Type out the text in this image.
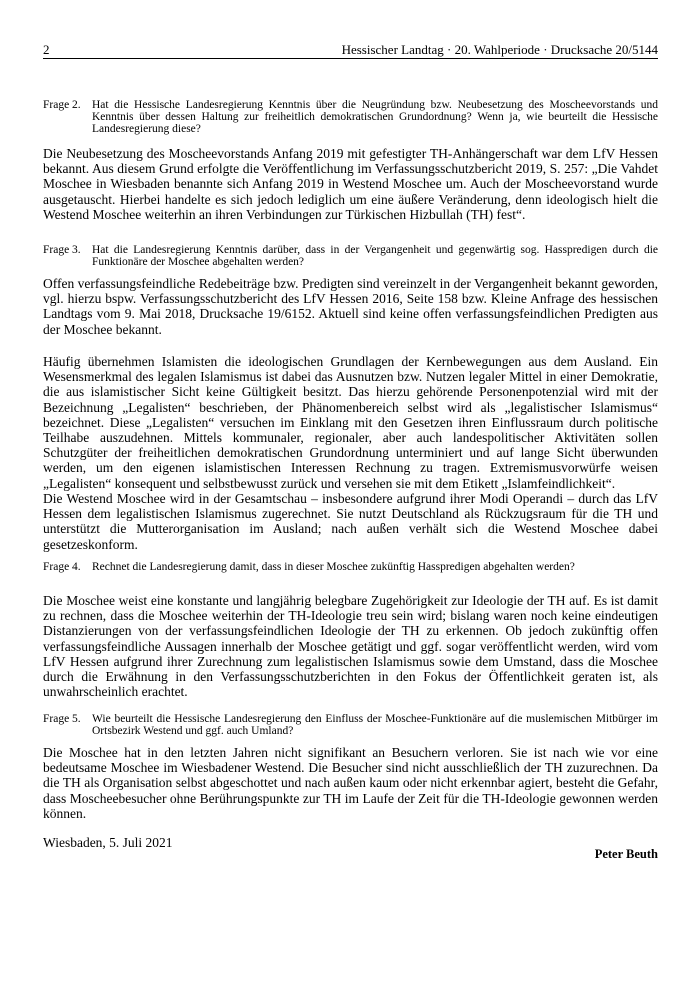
2	Hessischer Landtag · 20. Wahlperiode · Drucksache 20/5144
Frage 2. Hat die Hessische Landesregierung Kenntnis über die Neugründung bzw. Neubesetzung des Moscheevorstands und Kenntnis über dessen Haltung zur freiheitlich demokratischen Grundordnung? Wenn ja, wie beurteilt die Hessische Landesregierung diese?

Die Neubesetzung des Moscheevorstands Anfang 2019 mit gefestigter TH-Anhängerschaft war dem LfV Hessen bekannt. Aus diesem Grund erfolgte die Veröffentlichung im Verfassungsschutzbericht 2019, S. 257: „Die Vahdet Moschee in Wiesbaden benannte sich Anfang 2019 in Westend Moschee um. Auch der Moscheevorstand wurde ausgetauscht. Hierbei handelte es sich jedoch lediglich um eine äußere Veränderung, denn ideologisch hielt die Westend Moschee weiterhin an ihren Verbindungen zur Türkischen Hizbullah (TH) fest“.

Frage 3. Hat die Landesregierung Kenntnis darüber, dass in der Vergangenheit und gegenwärtig sog. Hasspredigen durch die Funktionäre der Moschee abgehalten werden?

Offen verfassungsfeindliche Redebeiträge bzw. Predigten sind vereinzelt in der Vergangenheit bekannt geworden, vgl. hierzu bspw. Verfassungsschutzbericht des LfV Hessen 2016, Seite 158 bzw. Kleine Anfrage des hessischen Landtags vom 9. Mai 2018, Drucksache 19/6152. Aktuell sind keine offen verfassungsfeindlichen Predigten aus der Moschee bekannt.

Häufig übernehmen Islamisten die ideologischen Grundlagen der Kernbewegungen aus dem Ausland. Ein Wesensmerkmal des legalen Islamismus ist dabei das Ausnutzen bzw. Nutzen legaler Mittel in einer Demokratie, die aus islamistischer Sicht keine Gültigkeit besitzt. Das hierzu gehörende Personenpotenzial wird mit der Bezeichnung „Legalisten“ beschrieben, der Phänomenbereich selbst wird als „legalistischer Islamismus“ bezeichnet. Diese „Legalisten“ versuchen im Einklang mit den Gesetzen ihren Einflussraum durch politische Teilhabe auszudehnen. Mittels kommunaler, regionaler, aber auch landespolitischer Aktivitäten sollen Schutzgüter der freiheitlichen demokratischen Grundordnung unterminiert und auf lange Sicht überwunden werden, um den eigenen islamistischen Interessen Rechnung zu tragen. Extremismusvorwürfe weisen „Legalisten“ konsequent und selbstbewusst zurück und versehen sie mit dem Etikett „Islamfeindlichkeit“.

Die Westend Moschee wird in der Gesamtschau – insbesondere aufgrund ihrer Modi Operandi – durch das LfV Hessen dem legalistischen Islamismus zugerechnet. Sie nutzt Deutschland als Rückzugsraum für die TH und unterstützt die Mutterorganisation im Ausland; nach außen verhält sich die Westend Moschee dabei gesetzeskonform.

Frage 4. Rechnet die Landesregierung damit, dass in dieser Moschee zukünftig Hasspredigen abgehalten werden?

Die Moschee weist eine konstante und langjährig belegbare Zugehörigkeit zur Ideologie der TH auf. Es ist damit zu rechnen, dass die Moschee weiterhin der TH-Ideologie treu sein wird; bislang waren noch keine eindeutigen Distanzierungen von der verfassungsfeindlichen Ideologie der TH zu erkennen. Ob jedoch zukünftig offen verfassungsfeindliche Aussagen innerhalb der Moschee getätigt und ggf. sogar veröffentlicht werden, wird vom LfV Hessen aufgrund ihrer Zurechnung zum legalistischen Islamismus sowie dem Umstand, dass die Moschee durch die Erwähnung in den Verfassungsschutzberichten in den Fokus der Öffentlichkeit geraten ist, als unwahrscheinlich erachtet.

Frage 5. Wie beurteilt die Hessische Landesregierung den Einfluss der Moschee-Funktionäre auf die muslemischen Mitbürger im Ortsbezirk Westend und ggf. auch Umland?

Die Moschee hat in den letzten Jahren nicht signifikant an Besuchern verloren. Sie ist nach wie vor eine bedeutsame Moschee im Wiesbadener Westend. Die Besucher sind nicht ausschließlich der TH zuzurechnen. Da die TH als Organisation selbst abgeschottet und nach außen kaum oder nicht erkennbar agiert, besteht die Gefahr, dass Moscheebesucher ohne Berührungspunkte zur TH im Laufe der Zeit für die TH-Ideologie gewonnen werden können.

Wiesbaden, 5. Juli 2021
Peter Beuth
